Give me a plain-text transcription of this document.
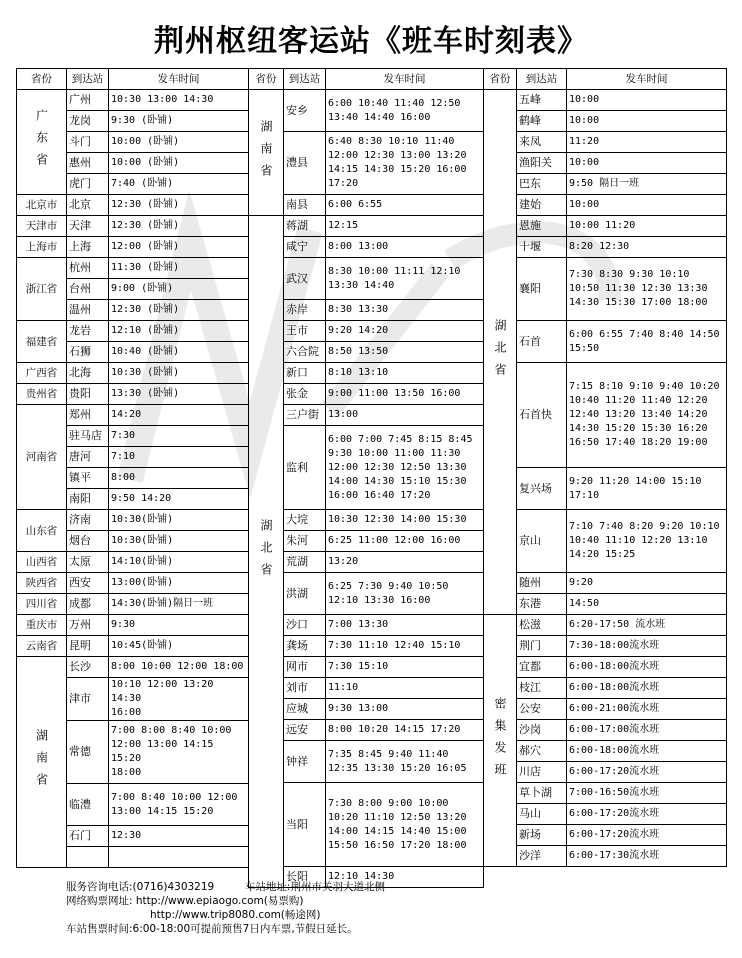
荆州枢纽客运站《班车时刻表》
省份	到达站	发车时间

广东省	广州	10:30 13:00 14:30
	龙岗	9:30 (卧铺)
	斗门	10:00 (卧铺)
	惠州	10:00 (卧铺)
	虎门	7:40 (卧铺)
北京市	北京	12:30 (卧铺)
天津市	天津	12:30 (卧铺)
上海市	上海	12:00 (卧铺)
浙江省	杭州	11:30 (卧铺)
	台州	9:00 (卧铺)
	温州	12:30 (卧铺)
福建省	龙岩	12:10 (卧铺)
	石狮	10:40 (卧铺)
广西省	北海	10:30 (卧铺)
贵州省	贵阳	13:30 (卧铺)
河南省	郑州	14:20
	驻马店	7:30
	唐河	7:10
	镇平	8:00
	南阳	9:50 14:20
山东省	济南	10:30(卧铺)
	烟台	10:30(卧铺)
山西省	太原	14:10(卧铺)
陕西省	西安	13:00(卧铺)
四川省	成都	14:30(卧铺)隔日一班
重庆市	万州	9:30
云南省	昆明	10:45(卧铺)

湖南省	长沙	8:00 10:00 12:00 18:00
	津市	10:10 12:00 13:20 14:30
16:00
	常德	7:00 8:00 8:40 10:00
12:00 13:00 14:15 15:20
18:00
	临澧	7:00 8:40 10:00 12:00
13:00 14:15 15:20
	石门	12:30

省份	到达站	发车时间

湖南省	安乡	6:00 10:40 11:40 12:50
13:40 14:40 16:00
	澧县	6:40 8:30 10:10 11:40
12:00 12:30 13:00 13:20
14:15 14:30 15:20 16:00
17:20
	南县	6:00 6:55

湖北省	蒋湖	12:15
	咸宁	8:00 13:00
	武汉	8:30 10:00 11:11 12:10
13:30 14:40
	赤岸	8:30 13:30
	王市	9:20 14:20
	六合院	8:50 13:50
	新口	8:10 13:10
	张金	9:00 11:00 13:50 16:00
	三户街	13:00
	监利	6:00 7:00 7:45 8:15 8:45
9:30 10:00 11:00 11:30
12:00 12:30 12:50 13:30
14:00 14:30 15:10 15:30
16:00 16:40 17:20
	大垸	10:30 12:30 14:00 15:30
	朱河	6:25 11:00 12:00 16:00
	荒湖	13:20
	洪湖	6:25 7:30 9:40 10:50
12:10 13:30 16:00
	沙口	7:00 13:30
	龚场	7:30 11:10 12:40 15:10
	网市	7:30 15:10
	刘市	11:10
	应城	9:30 13:00
	远安	8:00 10:20 14:15 17:20
	钟祥	7:35 8:45 9:40 11:40
12:35 13:30 15:20 16:05
	当阳	7:30 8:00 9:00 10:00
10:20 11:10 12:50 13:20
14:00 14:15 14:40 15:00
15:50 16:50 17:20 18:00
	长阳	12:10 14:30
省份	到达站	发车时间

湖北省	五峰	10:00
	鹤峰	10:00
	来凤	11:20
	渔阳关	10:00
	巴东	9:50 隔日一班
	建始	10:00
	恩施	10:00 11:20
	十堰	8:20 12:30
	襄阳	7:30 8:30 9:30 10:10
10:50 11:30 12:30 13:30
14:30 15:30 17:00 18:00
	石首	6:00 6:55 7:40 8:40 14:50
15:50
	石首快	7:15 8:10 9:10 9:40 10:20
10:40 11:20 11:40 12:20
12:40 13:20 13:40 14:20
14:30 15:20 15:30 16:20
16:50 17:40 18:20 19:00
	复兴场	9:20 11:20 14:00 15:10
17:10
	京山	7:10 7:40 8:20 9:20 10:10
10:40 11:10 12:20 13:10
14:20 15:25
	随州	9:20
	东港	14:50

密集发班	松滋	6:20-17:50 流水班
	荆门	7:30-18:00流水班
	宜都	6:00-18:00流水班
	枝江	6:00-18:00流水班
	公安	6:00-21:00流水班
	沙岗	6:00-17:00流水班
	郝穴	6:00-18:00流水班
	川店	6:00-17:20流水班
	草卜湖	7:00-16:50流水班
	马山	6:00-17:20流水班
	新场	6:00-17:20流水班
	沙洋	6:00-17:30流水班
服务咨询电话:(0716)4303219	车站地址:荆州市关羽大道北侧
网络购票网址: http://www.epiaogo.com(易票购)
http://www.trip8080.com(畅途网)
车站售票时间:6:00-18:00可提前预售7日内车票,节假日延长。
